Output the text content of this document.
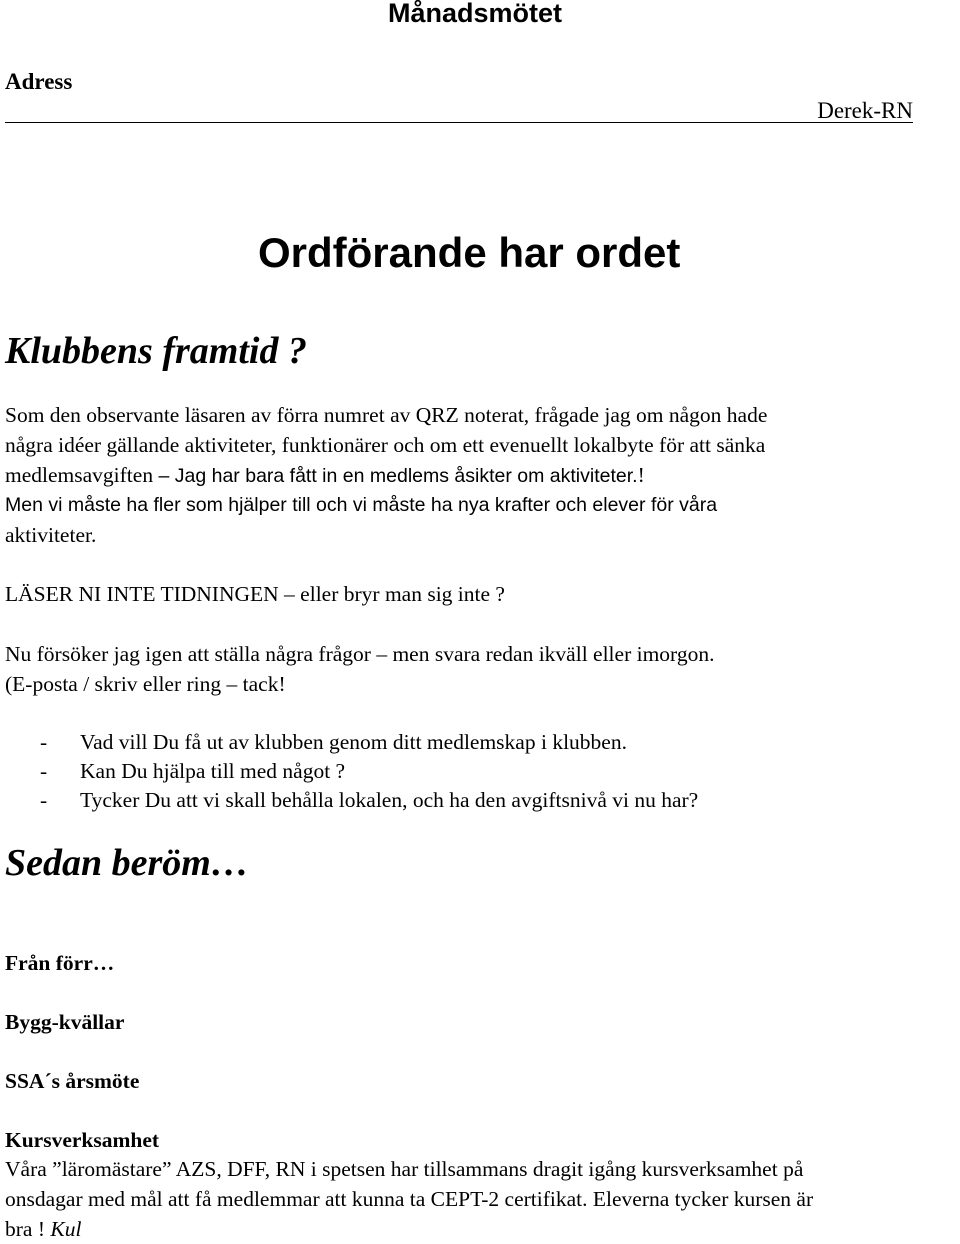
Månadsmötet
Adress
Derek-RN
Ordförande har ordet
Klubbens framtid ?
Som den observante läsaren av förra numret av QRZ noterat, frågade jag om någon hade
några idéer gällande aktiviteter, funktionärer och om ett evenuellt lokalbyte för att sänka
medlemsavgiften – Jag har bara fått in en medlems åsikter om aktiviteter.!
Men vi måste ha fler som hjälper till och vi måste ha nya krafter och elever för våra
aktiviteter.
LÄSER NI INTE TIDNINGEN – eller bryr man sig inte ?
Nu försöker jag igen att ställa några frågor – men svara redan ikväll eller imorgon.
(E-posta / skriv eller ring – tack!
- Vad vill Du få ut av klubben genom ditt medlemskap i klubben.
- Kan Du hjälpa till med något ?
- Tycker Du att vi skall behålla lokalen, och ha den avgiftsnivå vi nu har?
Sedan beröm…
Från förr…
Bygg-kvällar
SSA´s årsmöte
Kursverksamhet
Våra ”läromästare” AZS, DFF, RN i spetsen har tillsammans dragit igång kursverksamhet på
onsdagar med mål att få medlemmar att kunna ta CEPT-2 certifikat. Eleverna tycker kursen är
bra ! Kul
